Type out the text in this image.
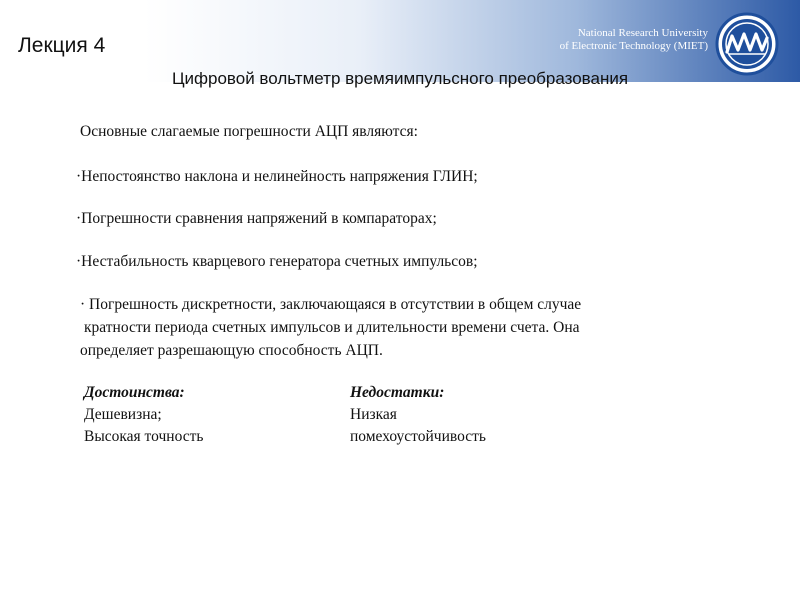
Лекция 4
National Research University
of Electronic Technology (MIET)
Цифровой вольтметр времяимпульсного преобразования
Основные слагаемые погрешности АЦП являются:
·Непостоянство наклона и нелинейность напряжения ГЛИН;
·Погрешности сравнения напряжений в компараторах;
·Нестабильность кварцевого генератора счетных импульсов;
· Погрешность дискретности, заключающаяся в отсутствии в общем случае
кратности периода счетных импульсов и длительности времени счета. Она
определяет разрешающую способность АЦП.
Достоинства:
Дешевизна;
Высокая точность
Недостатки:
Низкая
помехоустойчивость
